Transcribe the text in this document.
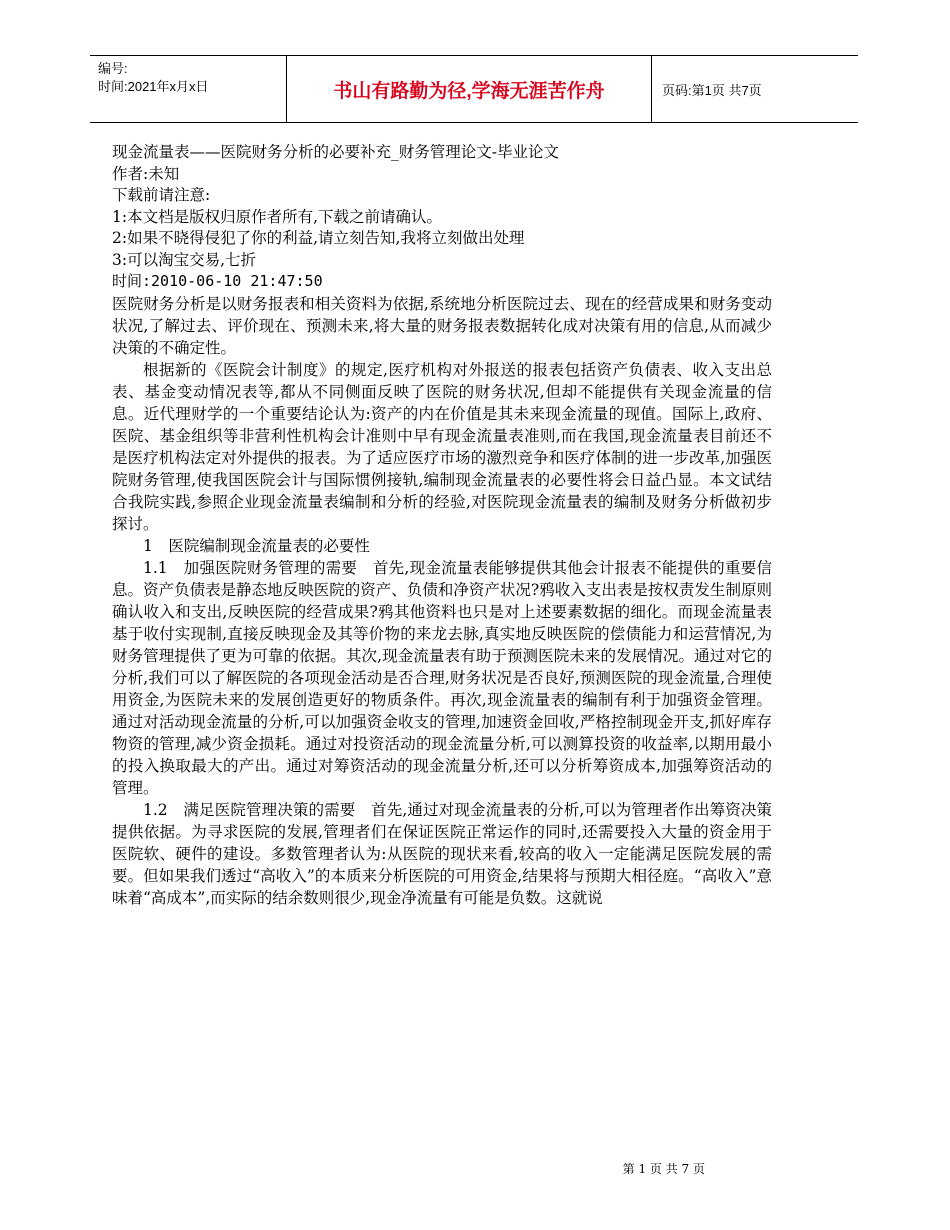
编号:
时间:2021年x月x日	书山有路勤为径,学海无涯苦作舟	页码:第1页 共7页
现金流量表——医院财务分析的必要补充_财务管理论文-毕业论文
作者:未知
下载前请注意:
1:本文档是版权归原作者所有,下载之前请确认。
2:如果不晓得侵犯了你的利益,请立刻告知,我将立刻做出处理
3:可以淘宝交易,七折
时间:2010-06-10 21:47:50

医院财务分析是以财务报表和相关资料为依据,系统地分析医院过去、现在的经营成果和财务变动状况,了解过去、评价现在、预测未来,将大量的财务报表数据转化成对决策有用的信息,从而减少决策的不确定性。

根据新的《医院会计制度》的规定,医疗机构对外报送的报表包括资产负债表、收入支出总表、基金变动情况表等,都从不同侧面反映了医院的财务状况,但却不能提供有关现金流量的信息。近代理财学的一个重要结论认为:资产的内在价值是其未来现金流量的现值。国际上,政府、医院、基金组织等非营利性机构会计准则中早有现金流量表准则,而在我国,现金流量表目前还不是医疗机构法定对外提供的报表。为了适应医疗市场的激烈竞争和医疗体制的进一步改革,加强医院财务管理,使我国医院会计与国际惯例接轨,编制现金流量表的必要性将会日益凸显。本文试结合我院实践,参照企业现金流量表编制和分析的经验,对医院现金流量表的编制及财务分析做初步探讨。

1　医院编制现金流量表的必要性

1.1　加强医院财务管理的需要　首先,现金流量表能够提供其他会计报表不能提供的重要信息。资产负债表是静态地反映医院的资产、负债和净资产状况?鸦收入支出表是按权责发生制原则确认收入和支出,反映医院的经营成果?鸦其他资料也只是对上述要素数据的细化。而现金流量表基于收付实现制,直接反映现金及其等价物的来龙去脉,真实地反映医院的偿债能力和运营情况,为财务管理提供了更为可靠的依据。其次,现金流量表有助于预测医院未来的发展情况。通过对它的分析,我们可以了解医院的各项现金活动是否合理,财务状况是否良好,预测医院的现金流量,合理使用资金,为医院未来的发展创造更好的物质条件。再次,现金流量表的编制有利于加强资金管理。通过对活动现金流量的分析,可以加强资金收支的管理,加速资金回收,严格控制现金开支,抓好库存物资的管理,减少资金损耗。通过对投资活动的现金流量分析,可以测算投资的收益率,以期用最小的投入换取最大的产出。通过对筹资活动的现金流量分析,还可以分析筹资成本,加强筹资活动的管理。

1.2　满足医院管理决策的需要　首先,通过对现金流量表的分析,可以为管理者作出筹资决策提供依据。为寻求医院的发展,管理者们在保证医院正常运作的同时,还需要投入大量的资金用于医院软、硬件的建设。多数管理者认为:从医院的现状来看,较高的收入一定能满足医院发展的需要。但如果我们透过“高收入”的本质来分析医院的可用资金,结果将与预期大相径庭。“高收入”意味着“高成本”,而实际的结余数则很少,现金净流量有可能是负数。这就说

第 1 页 共 7 页
